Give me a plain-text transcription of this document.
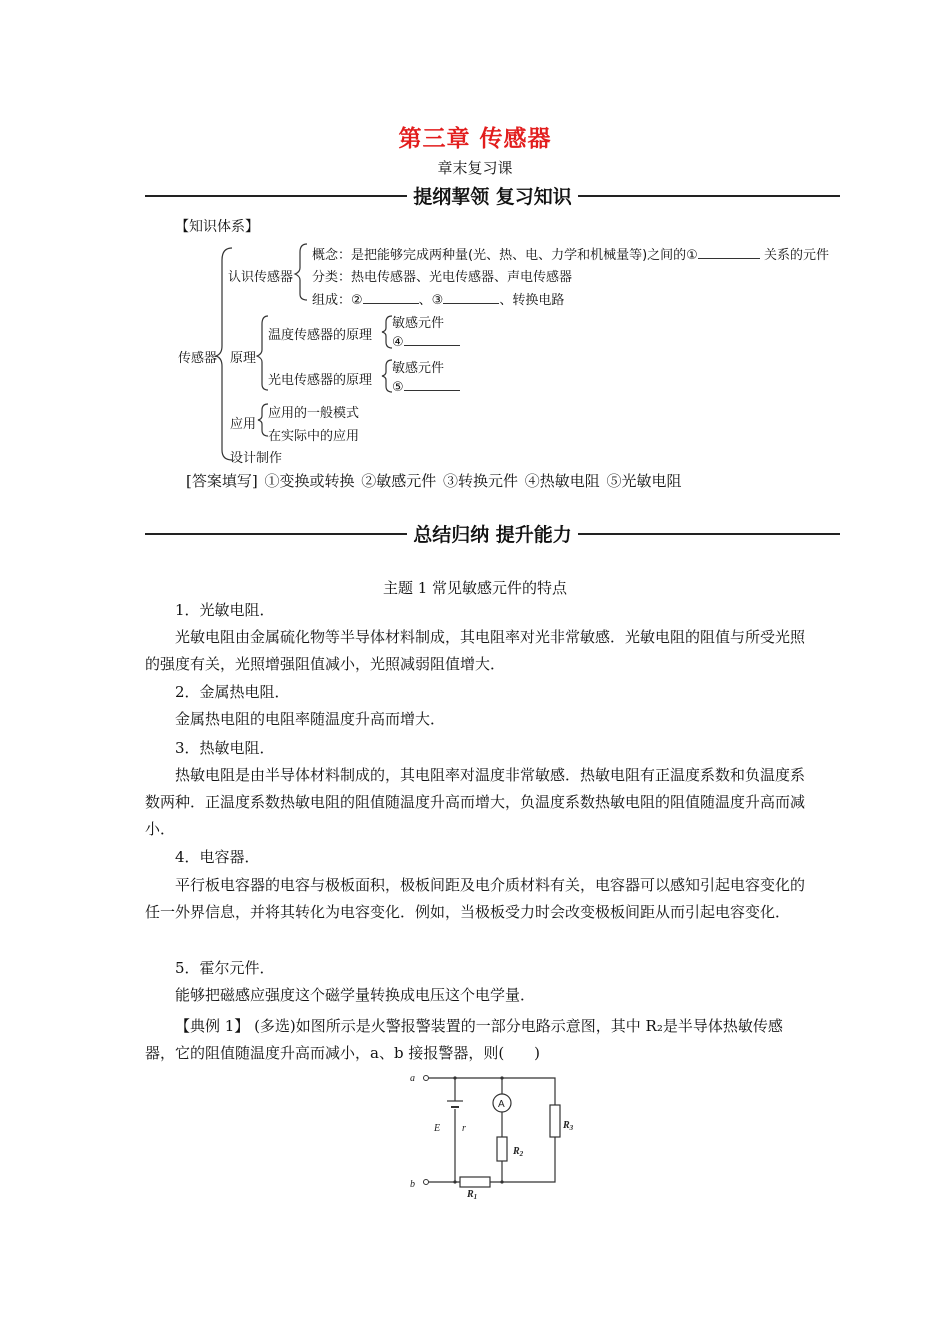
第三章 传感器
章末复习课
提纲挈领 复习知识
【知识体系】
传感器
认识传感器
概念：是把能够完成两种量(光、热、电、力学和机械量等)之间的①	关系的元件
分类：热电传感器、光电传感器、声电传感器
组成：②	、③	、转换电路
原理
温度传感器的原理
敏感元件
④
光电传感器的原理
敏感元件
⑤
应用
应用的一般模式
在实际中的应用
设计制作
[答案填写] ①变换或转换 ②敏感元件 ③转换元件 ④热敏电阻 ⑤光敏电阻
总结归纳 提升能力
主题 1 常见敏感元件的特点
1．光敏电阻．
光敏电阻由金属硫化物等半导体材料制成，其电阻率对光非常敏感．光敏电阻的阻值与所受光照的强度有关，光照增强阻值减小，光照减弱阻值增大．
2．金属热电阻．
金属热电阻的电阻率随温度升高而增大．
3．热敏电阻．
热敏电阻是由半导体材料制成的，其电阻率对温度非常敏感．热敏电阻有正温度系数和负温度系数两种．正温度系数热敏电阻的阻值随温度升高而增大，负温度系数热敏电阻的阻值随温度升高而减小．
4．电容器．
平行板电容器的电容与极板面积，极板间距及电介质材料有关，电容器可以感知引起电容变化的任一外界信息，并将其转化为电容变化．例如，当极板受力时会改变极板间距从而引起电容变化．
5．霍尔元件．
能够把磁感应强度这个磁学量转换成电压这个电学量．
【典例 1】 (多选)如图所示是火警报警装置的一部分电路示意图，其中 R₂是半导体热敏传感器，它的阻值随温度升高而减小，a、b 接报警器，则(　　)
a
b
E r
$R_2$
$R_3$
$R_1$
A
